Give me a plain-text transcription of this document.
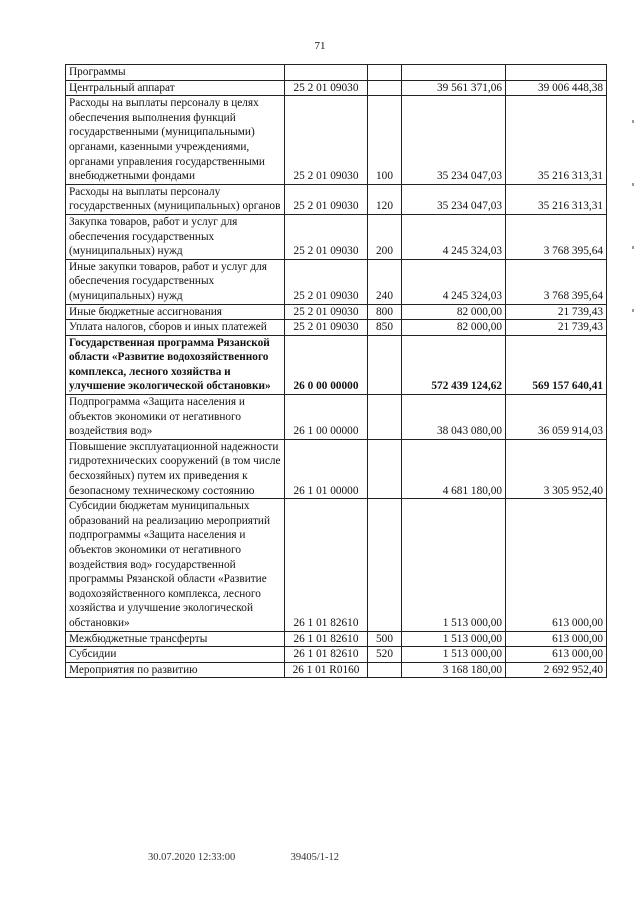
71
Программы				
Центральный аппарат	25 2 01 09030		39 561 371,06	39 006 448,38
Расходы на выплаты персоналу в целях обеспечения выполнения функций государственными (муниципальными) органами, казенными учреждениями, органами управления государственными внебюджетными фондами	25 2 01 09030	100	35 234 047,03	35 216 313,31
Расходы на выплаты персоналу государственных (муниципальных) органов	25 2 01 09030	120	35 234 047,03	35 216 313,31
Закупка товаров, работ и услуг для обеспечения государственных (муниципальных) нужд	25 2 01 09030	200	4 245 324,03	3 768 395,64
Иные закупки товаров, работ и услуг для обеспечения государственных (муниципальных) нужд	25 2 01 09030	240	4 245 324,03	3 768 395,64
Иные бюджетные ассигнования	25 2 01 09030	800	82 000,00	21 739,43
Уплата налогов, сборов и иных платежей	25 2 01 09030	850	82 000,00	21 739,43
Государственная программа Рязанской области «Развитие водохозяйственного комплекса, лесного хозяйства и улучшение экологической обстановки»	26 0 00 00000		572 439 124,62	569 157 640,41
Подпрограмма «Защита населения и объектов экономики от негативного воздействия вод»	26 1 00 00000		38 043 080,00	36 059 914,03
Повышение эксплуатационной надежности гидротехнических сооружений (в том числе бесхозяйных) путем их приведения к безопасному техническому состоянию	26 1 01 00000		4 681 180,00	3 305 952,40
Субсидии бюджетам муниципальных образований на реализацию мероприятий подпрограммы «Защита населения и объектов экономики от негативного воздействия вод» государственной программы Рязанской области «Развитие водохозяйственного комплекса, лесного хозяйства и улучшение экологической обстановки»	26 1 01 82610		1 513 000,00	613 000,00
Межбюджетные трансферты	26 1 01 82610	500	1 513 000,00	613 000,00
Субсидии	26 1 01 82610	520	1 513 000,00	613 000,00
Мероприятия по развитию	26 1 01 R0160		3 168 180,00	2 692 952,40
30.07.2020 12:33:00	39405/1-12
